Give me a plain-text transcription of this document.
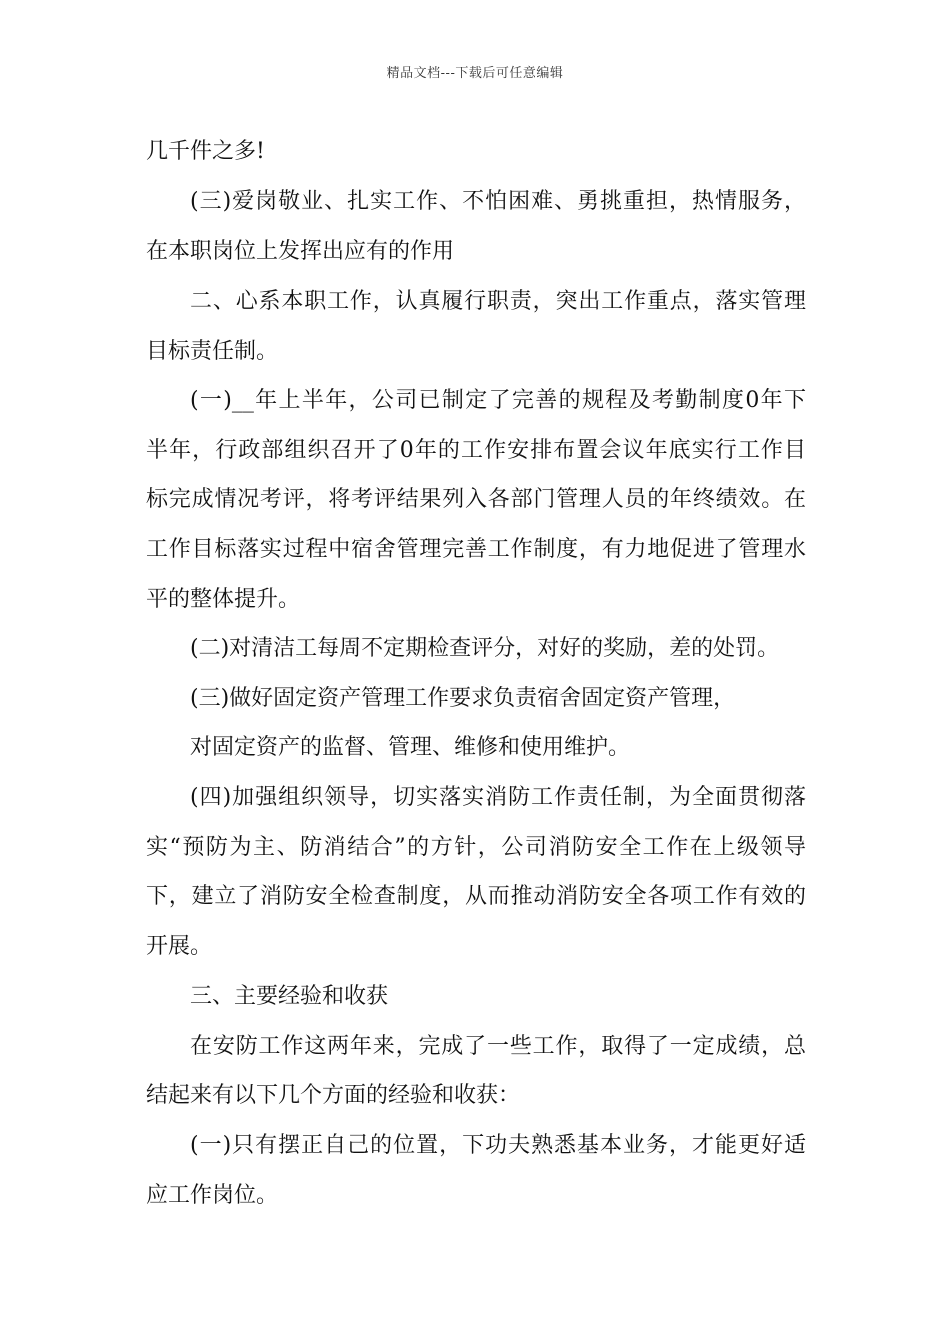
精品文档---下载后可任意编辑
几千件之多!
(三)爱岗敬业、扎实工作、不怕困难、勇挑重担，热情服务，
在本职岗位上发挥出应有的作用
二、心系本职工作，认真履行职责，突出工作重点，落实管理
目标责任制。
(一)__年上半年，公司已制定了完善的规程及考勤制度0年下
半年，行政部组织召开了0年的工作安排布置会议年底实行工作目
标完成情况考评，将考评结果列入各部门管理人员的年终绩效。在
工作目标落实过程中宿舍管理完善工作制度，有力地促进了管理水
平的整体提升。
(二)对清洁工每周不定期检查评分，对好的奖励，差的处罚。
(三)做好固定资产管理工作要求负责宿舍固定资产管理，
对固定资产的监督、管理、维修和使用维护。
(四)加强组织领导，切实落实消防工作责任制，为全面贯彻落
实“预防为主、防消结合”的方针，公司消防安全工作在上级领导
下，建立了消防安全检查制度，从而推动消防安全各项工作有效的
开展。
三、主要经验和收获
在安防工作这两年来，完成了一些工作，取得了一定成绩，总
结起来有以下几个方面的经验和收获：
(一)只有摆正自己的位置，下功夫熟悉基本业务，才能更好适
应工作岗位。
